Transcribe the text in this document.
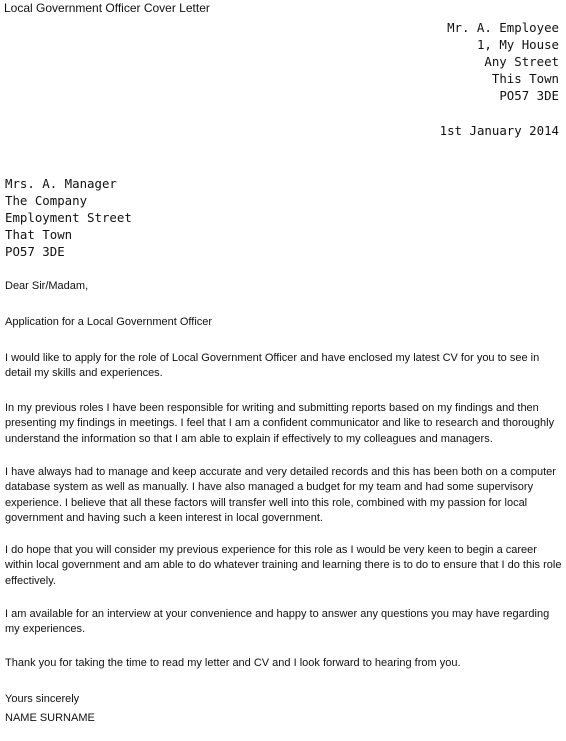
Local Government Officer Cover Letter
Mr. A. Employee
1, My House
Any Street
This Town
PO57 3DE
1st January 2014
Mrs. A. Manager
The Company
Employment Street
That Town
PO57 3DE

Dear Sir/Madam,

Application for a Local Government Officer

I would like to apply for the role of Local Government Officer and have enclosed my latest CV for you to see in detail my skills and experiences.

In my previous roles I have been responsible for writing and submitting reports based on my findings and then presenting my findings in meetings. I feel that I am a confident communicator and like to research and thoroughly understand the information so that I am able to explain if effectively to my colleagues and managers.

I have always had to manage and keep accurate and very detailed records and this has been both on a computer database system as well as manually. I have also managed a budget for my team and had some supervisory experience. I believe that all these factors will transfer well into this role, combined with my passion for local government and having such a keen interest in local government.

I do hope that you will consider my previous experience for this role as I would be very keen to begin a career within local government and am able to do whatever training and learning there is to do to ensure that I do this role effectively.

I am available for an interview at your convenience and happy to answer any questions you may have regarding my experiences.

Thank you for taking the time to read my letter and CV and I look forward to hearing from you.

Yours sincerely

NAME SURNAME
